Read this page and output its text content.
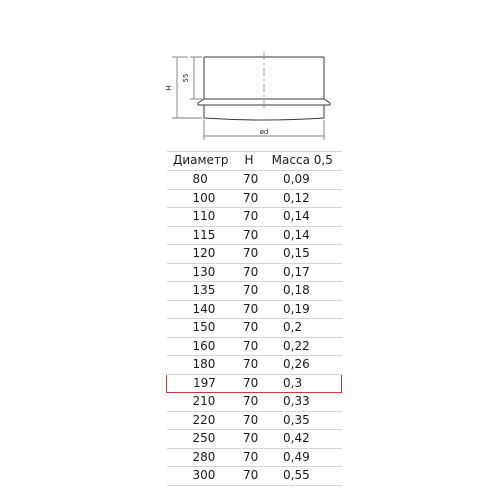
55
H
ød
Диаметр	H	Масса 0,5
80	70	0,09
100	70	0,12
110	70	0,14
115	70	0,14
120	70	0,15
130	70	0,17
135	70	0,18
140	70	0,19
150	70	0,2
160	70	0,22
180	70	0,26
197	70	0,3
210	70	0,33
220	70	0,35
250	70	0,42
280	70	0,49
300	70	0,55
